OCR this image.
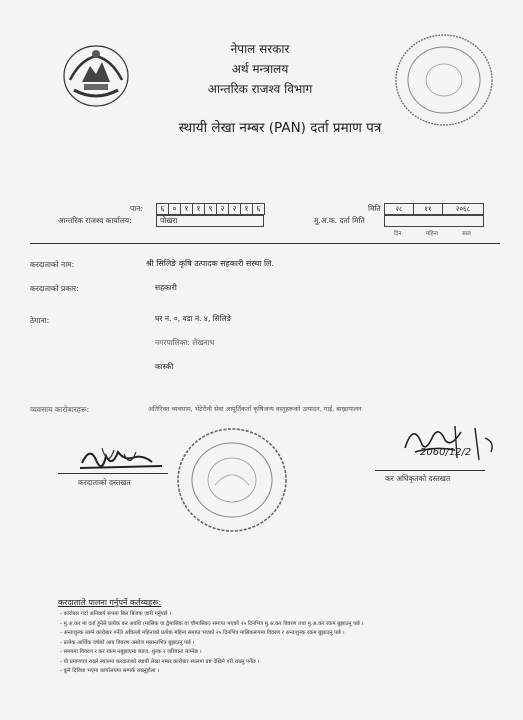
नेपाल सरकार
अर्थ मन्त्रालय
आन्तरिक राजश्व विभाग
स्थायी लेखा नम्बर (PAN) दर्ता प्रमाण पत्र
पान:	६	०	१	१	९	२	२	१	६
आन्तरिक राजश्व कार्यालय:	पोखरा
मिति	२८	११	२०६८
मु.अ.क. दर्ता मिति
दिन	महिना	साल
करदाताको नाम:	श्री सिलिङे कृषि उत्पादक सहकारी संस्था लि.
करदाताको प्रकार:	सहकारी
ठेगाना:	घर नं. ०, वडा नं. ४, सिलिङे
नगरपालिका: लेखनाथ
कास्की
व्यवसाय कारोबारहरू:	अतिरिक्त व्यवसाय, भेटेरीनी सेवा आपूर्तिकर्ता कृषिजन्य वस्तुहरूको उत्पादन, गाई, बाख्रापालन
करदाताको दस्तखत
2060/12/2
कर अधिकृतको दस्तखत
करदाताले पालना गर्नुपर्ने कर्तव्यहरू:
- कारोबार गर्दा अनिवार्य रूपमा बिल बिजक जारी गर्नुपर्छ ।
- मु.अ.कर मा दर्ता हुनेले प्रत्येक कर अवधि (मासिक वा द्वैमासिक वा चौमासिक) समाप्त भएको २५ दिनभित्र मु.अ.कर विवरण तथा मु.अ.कर रकम बुझाउनु पर्छ ।
- अन्तःशुल्क लाग्ने कारोबार गर्नेले अघिल्लो महिनाको प्रत्येक महिना समाप्त भएको २५ दिनभित्र मासिकरूपमा विवरण र अन्तःशुल्क रकम बुझाउनु पर्छ ।
- प्रत्येक आर्थिक वर्षको आय विवरण असोज मसान्तभित्र बुझाउनु पर्छ ।
- समयमा विवरण र कर रकम नबुझाएमा ब्याज, शुल्क र जरिवाना लाग्नेछ ।
- यो प्रमाणपत्र राख्ने स्थानमा करदाताको स्थायी लेखा नम्बर कारोबार स्थलमा प्रष्ट देखिने गरी राख्नु पर्नेछ ।
- कुनै दिविधा भएमा कार्यालयमा सम्पर्क राख्नुहोला ।
